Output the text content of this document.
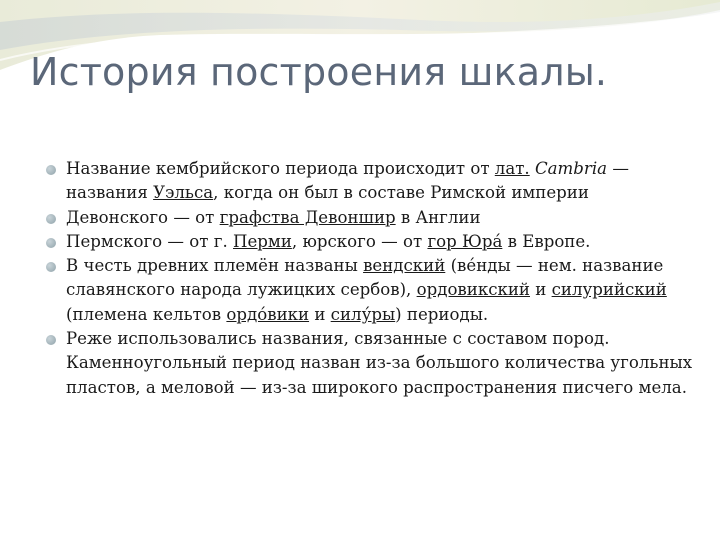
История построения шкалы.
Название кембрийского периода происходит от лат. Cambria — названия Уэльса, когда он был в составе Римской империи
Девонского — от графства Девоншир в Англии
Пермского — от г. Перми, юрского — от гор Юра́ в Европе.
В честь древних племён названы вендский (ве́нды — нем. название славянского народа лужицких сербов), ордовикский и силурийский (племена кельтов ордо́вики и силу́ры) периоды.
Реже использовались названия, связанные с составом пород. Каменноугольный период назван из-за большого количества угольных пластов, а меловой — из-за широкого распространения писчего мела.
